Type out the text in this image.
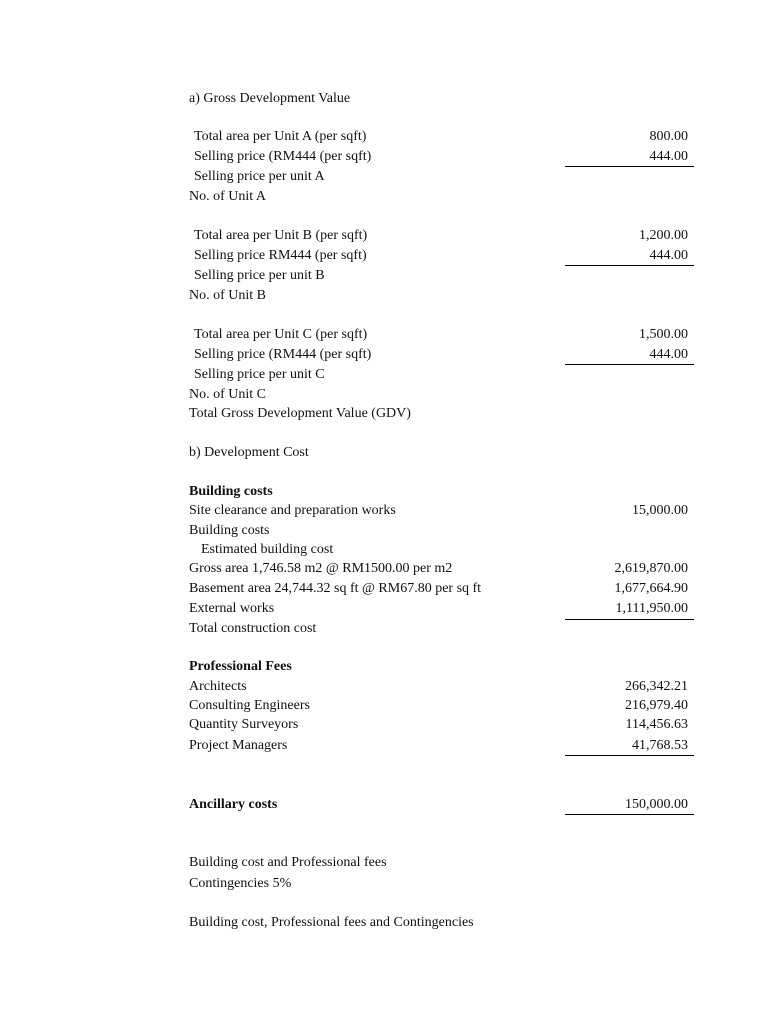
a) Gross Development Value
Total area per Unit A (per sqft)	800.00
Selling price (RM444 (per sqft)	444.00
Selling price per unit A
No. of Unit A
Total area per Unit B (per sqft)	1,200.00
Selling price RM444 (per sqft)	444.00
Selling price per unit B
No. of Unit B
Total area per Unit C (per sqft)	1,500.00
Selling price (RM444 (per sqft)	444.00
Selling price per unit C
No. of Unit C
Total Gross Development Value (GDV)
b) Development Cost
Building costs
Site clearance and preparation works	15,000.00
Building costs
Estimated building cost
Gross area 1,746.58 m2 @ RM1500.00 per m2	2,619,870.00
Basement area 24,744.32 sq ft @ RM67.80 per sq ft	1,677,664.90
External works	1,111,950.00
Total construction cost
Professional Fees
Architects	266,342.21
Consulting Engineers	216,979.40
Quantity Surveyors	114,456.63
Project Managers	41,768.53
Ancillary costs	150,000.00
Building cost and Professional fees
Contingencies 5%
Building cost, Professional fees and Contingencies
